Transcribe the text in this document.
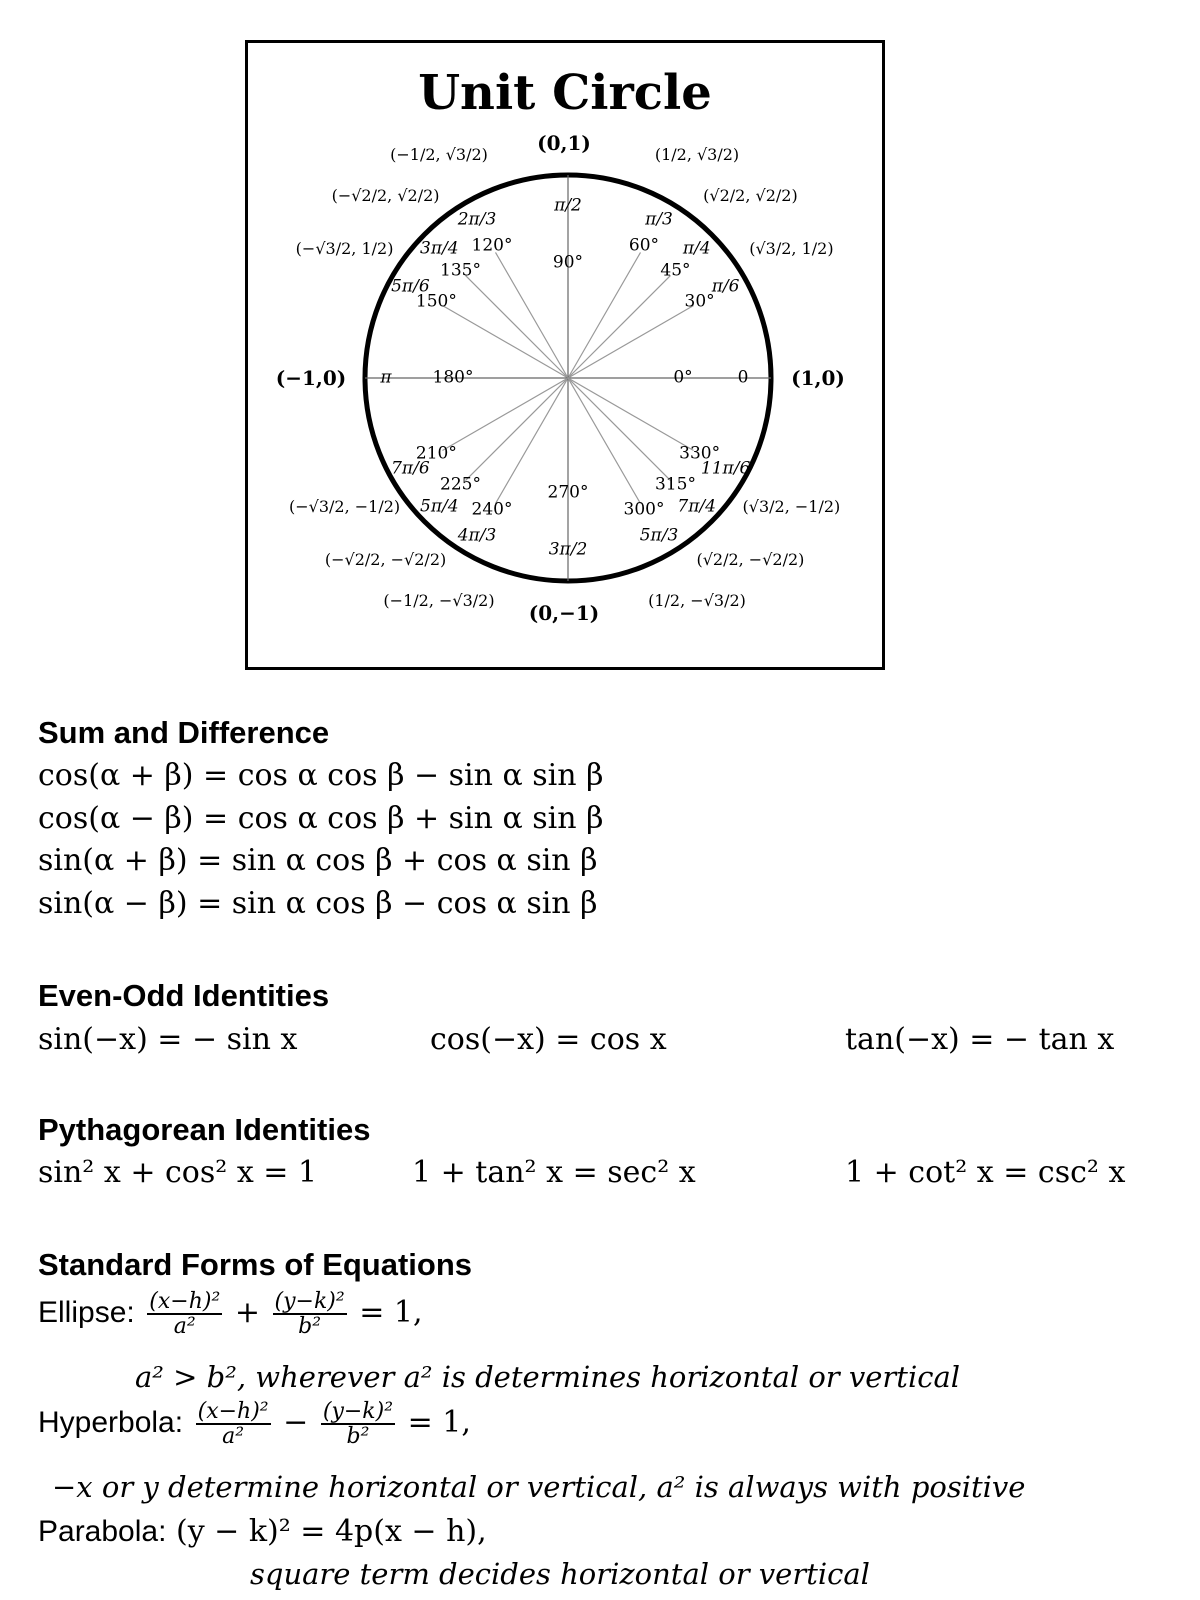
Unit Circle
(0,1)
(0,−1)
(−1,0)	(1,0)
π	0
0°
30°
π/6
(√3/2, 1/2)
45°
π/4
(√2/2, √2/2)
60°
π/3
(1/2, √3/2)
90°
π/2
120°
2π/3
(−1/2, √3/2)
135°
3π/4
(−√2/2, √2/2)
150°
5π/6
(−√3/2, 1/2)
180°
210°
7π/6
(−√3/2, −1/2)
225°
5π/4
(−√2/2, −√2/2)
240°
4π/3
(−1/2, −√3/2)
270°
3π/2
300°
5π/3
(1/2, −√3/2)
315°
7π/4
(√2/2, −√2/2)
330°
11π/6
(√3/2, −1/2)
Sum and Difference
cos(α + β) = cos α cos β − sin α sin β
cos(α − β) = cos α cos β + sin α sin β
sin(α + β) = sin α cos β + cos α sin β
sin(α − β) = sin α cos β − cos α sin β
Even-Odd Identities
sin(−x) = − sin x	cos(−x) = cos x	tan(−x) = − tan x
Pythagorean Identities
sin² x + cos² x = 1	1 + tan² x = sec² x	1 + cot² x = csc² x
Standard Forms of Equations
Ellipse: $\frac{\text{(x−h)²}}{\text{a²}} + \frac{\text{(y−k)²}}{\text{b²}} = 1$,
a² > b², wherever a² is determines horizontal or vertical
Hyperbola: $\frac{\text{(x−h)²}}{\text{a²}} - \frac{\text{(y−k)²}}{\text{b²}} = 1$,
−x or y determine horizontal or vertical, a² is always with positive
Parabola: (y − k)² = 4p(x − h),
square term decides horizontal or vertical
